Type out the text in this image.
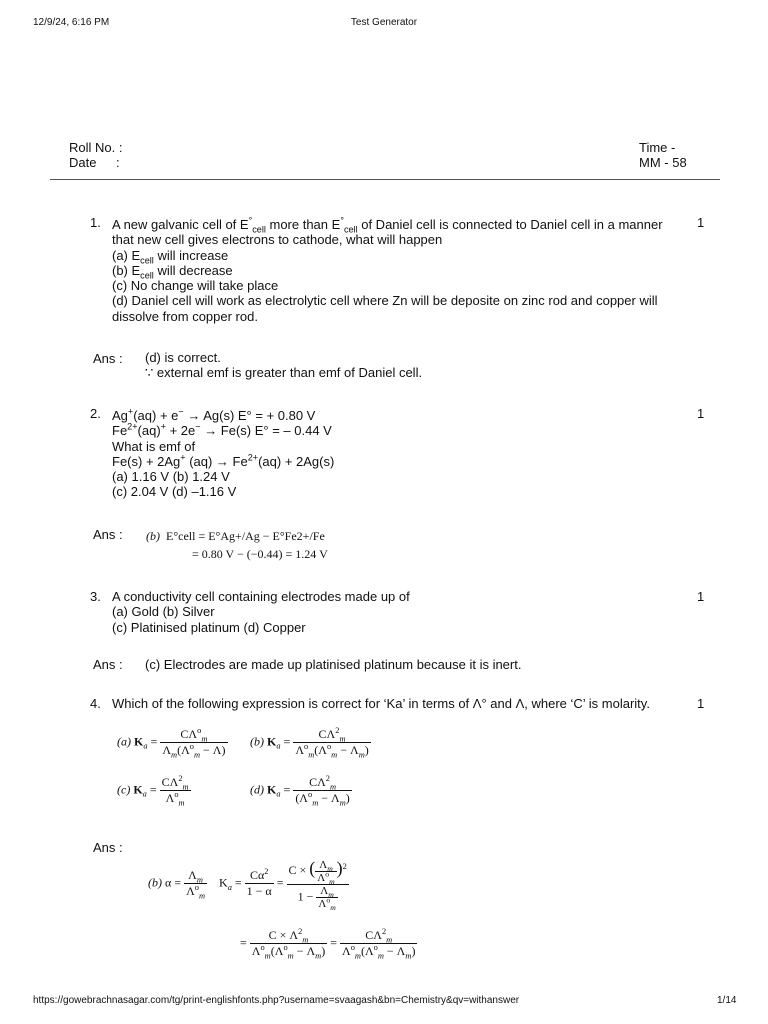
12/9/24, 6:16 PM	Test Generator
Roll No. :
Date :
Time -
MM - 58
1.	1
A new galvanic cell of $E^\circ_{cell}$ more than $E^\circ_{cell}$ of Daniel cell is connected to Daniel cell in a manner
that new cell gives electrons to cathode, what will happen
(a) $E_{cell}$ will increase
(b) $E_{cell}$ will decrease
(c) No change will take place
(d) Daniel cell will work as electrolytic cell where Zn will be deposite on zinc rod and copper will
dissolve from copper rod.
Ans : (d) is correct.
∵ external emf is greater than emf of Daniel cell.
2.	1
Ag+(aq) + e− → Ag(s) E° = + 0.80 V
$Fe^{2+}(aq)^+ + 2e^- \to Fe(s) E^\circ$ = – 0.44 V
What is emf of
Fe(s) + 2Ag+ $(aq) \to Fe^{2+}(aq) + 2Ag(s)$
(a) 1.16 V (b) 1.24 V
(c) 2.04 V (d) –1.16 V
Ans : (b) E°cell = E°Ag+/Ag − E°Fe2+/Fe
= 0.80 V − (−0.44) = 1.24 V
3.	1
A conductivity cell containing electrodes made up of
(a) Gold (b) Silver
(c) Platinised platinum (d) Copper
Ans : (c) Electrodes are made up platinised platinum because it is inert.
4.	1
Which of the following expression is correct for ‘Ka’ in terms of Λ° and Λ, where ‘C’ is molarity.
(a) $K_a = \frac{C\Lambda^o_m}{\Lambda_m(\Lambda^o_m - \Lambda)} (b) K_a = \frac{C\Lambda^2_m}{\Lambda^o_m(\Lambda^o_m - \Lambda_m)}$
(c) $K_a = \frac{C\Lambda^2_m}{\Lambda^o_m}$	(d) $K_a = \frac{C\Lambda^2_m}{(\Lambda^o_m - \Lambda_m)}$
Ans :
(b) $\alpha = \frac{\Lambda_m}{\Lambda^o_m} K_a = \frac{C\alpha^2}{1 - \alpha} = \frac{C \times ( \frac{\Lambda_m}{\Lambda^o_m} )^2}{1 - \frac{\Lambda_m}{\Lambda^o_m}}$
= $\frac{C \times \Lambda^2_m}{\Lambda^o_m(\Lambda^o_m - \Lambda_m)} = \frac{C\Lambda^2_m}{\Lambda^o_m(\Lambda^o_m - \Lambda_m)}$
https://gowebrachnasagar.com/tg/print-englishfonts.php?username=svaagash&bn=Chemistry&qv=withanswer	1/14
